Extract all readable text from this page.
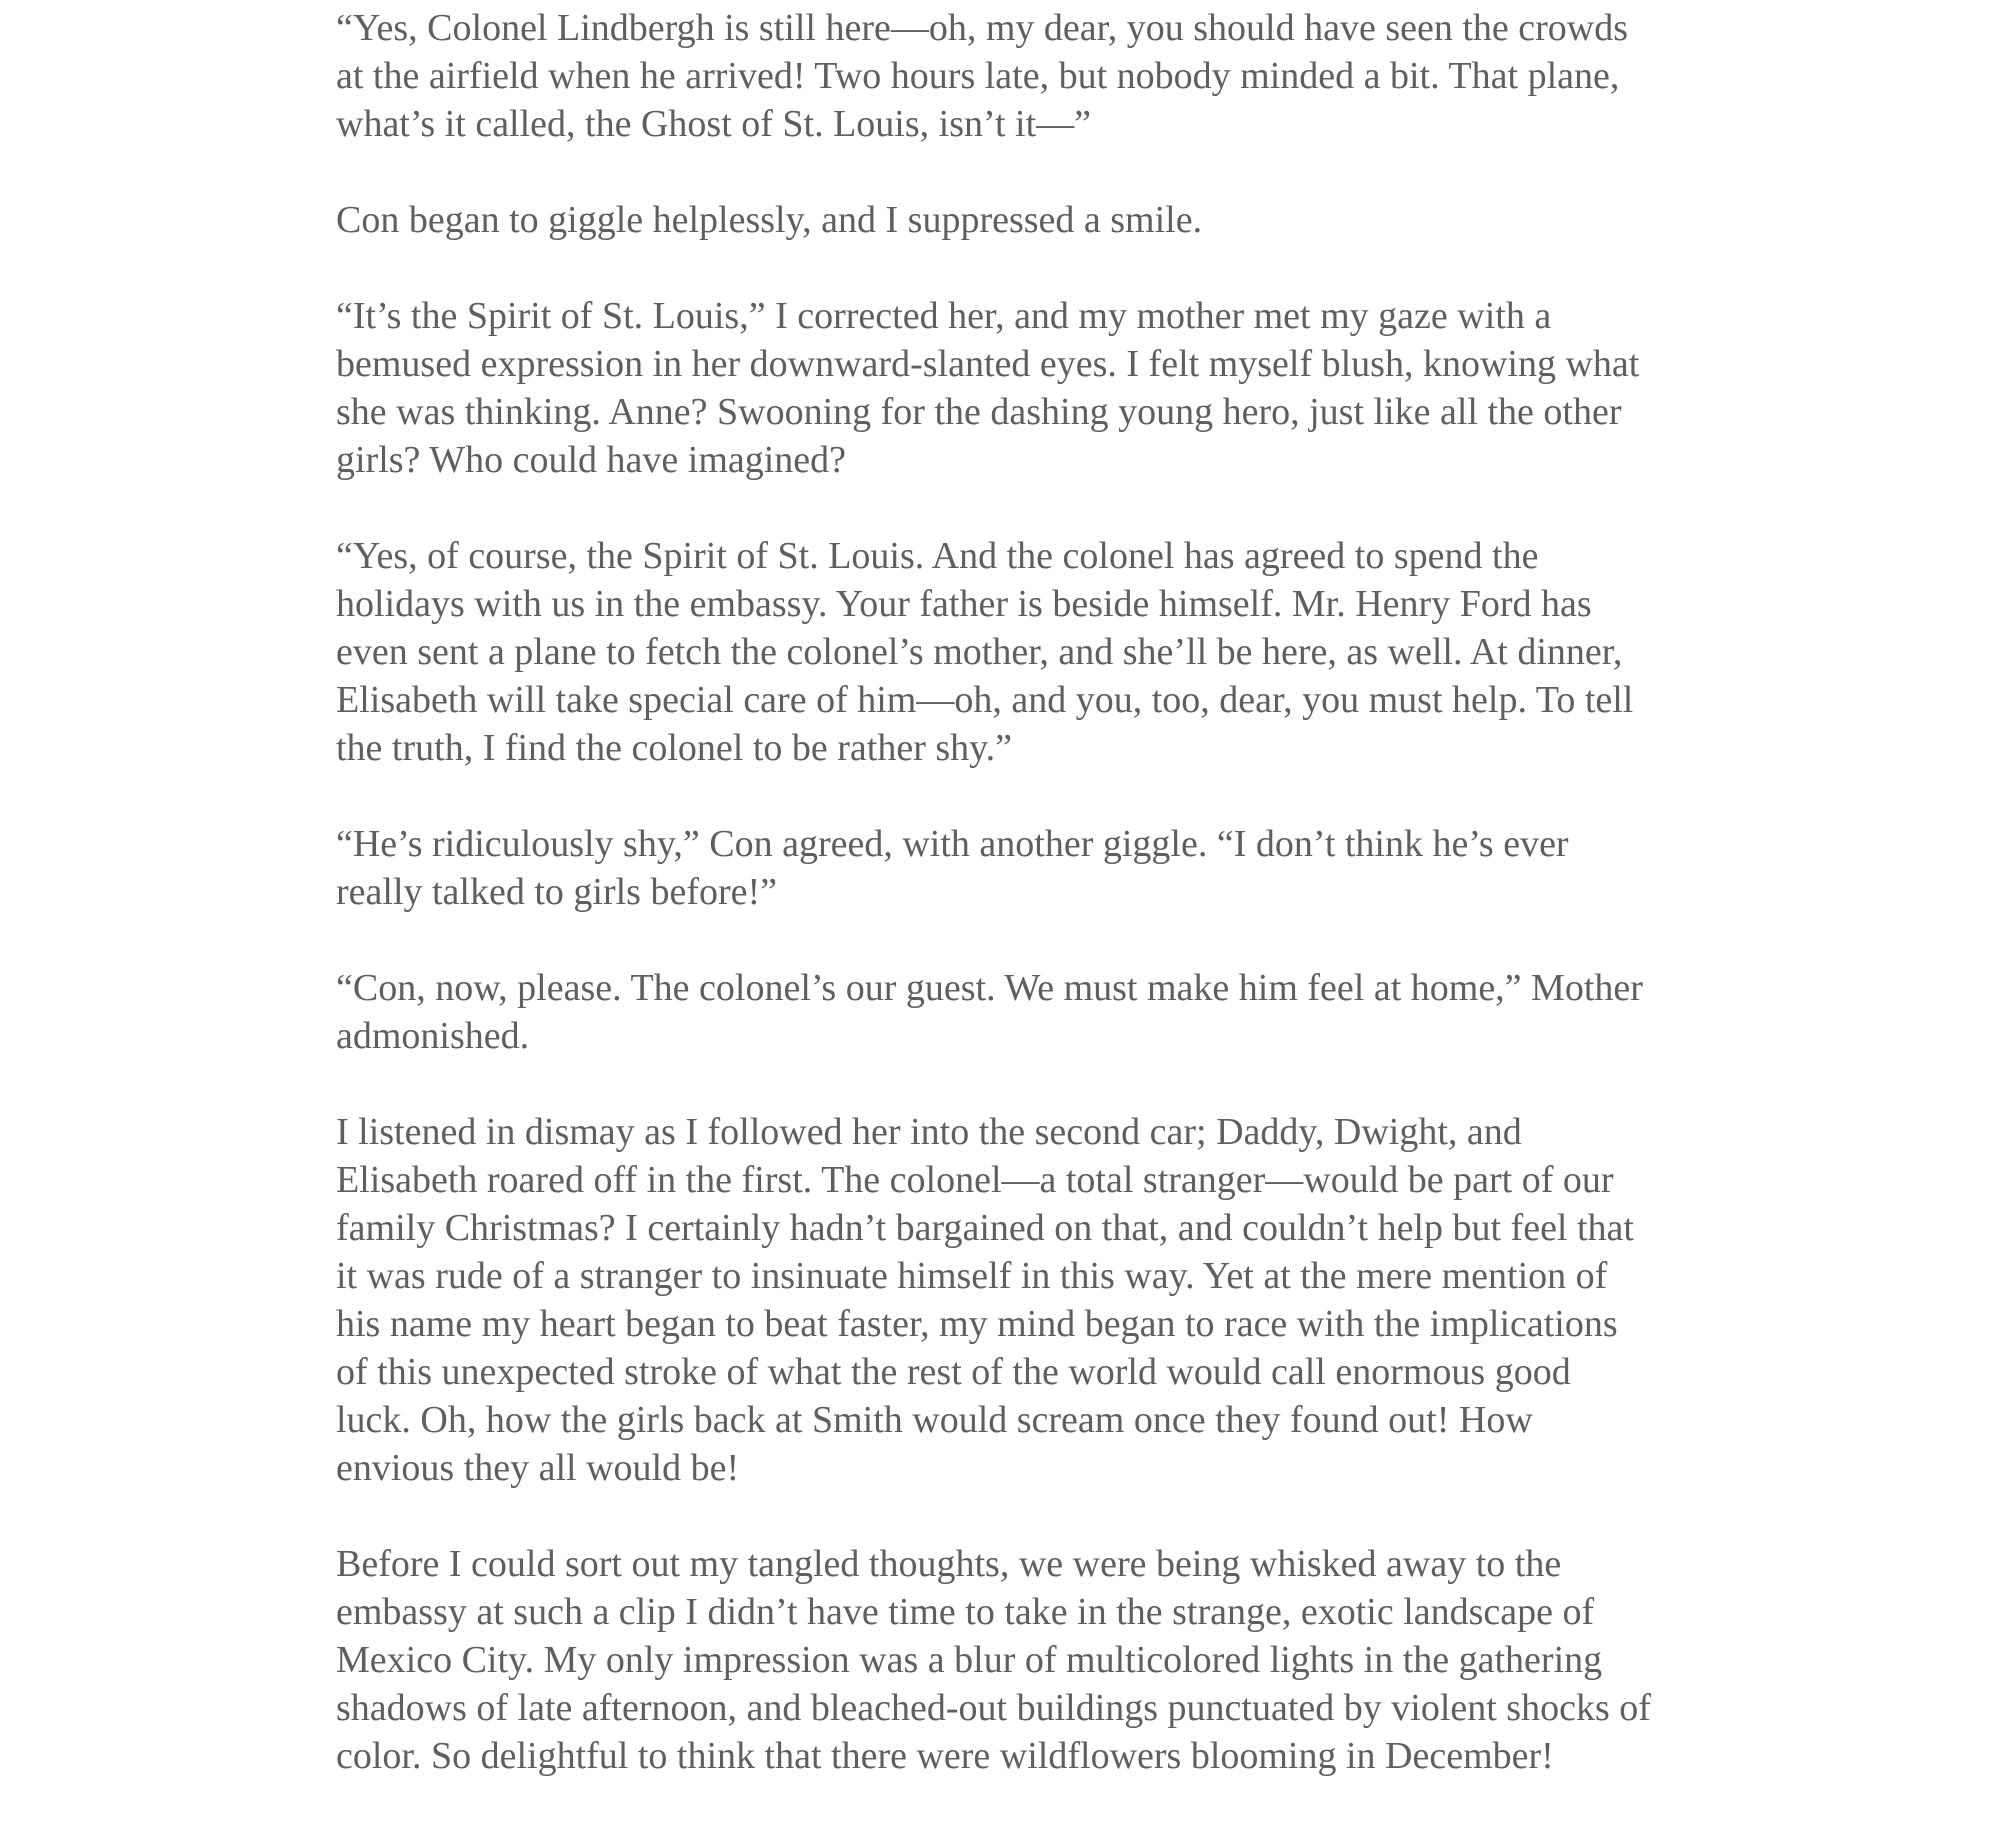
“Yes, Colonel Lindbergh is still here—oh, my dear, you should have seen the crowds
at the airfield when he arrived! Two hours late, but nobody minded a bit. That plane,
what’s it called, the Ghost of St. Louis, isn’t it—”

Con began to giggle helplessly, and I suppressed a smile.

“It’s the Spirit of St. Louis,” I corrected her, and my mother met my gaze with a
bemused expression in her downward-slanted eyes. I felt myself blush, knowing what
she was thinking. Anne? Swooning for the dashing young hero, just like all the other
girls? Who could have imagined?

“Yes, of course, the Spirit of St. Louis. And the colonel has agreed to spend the
holidays with us in the embassy. Your father is beside himself. Mr. Henry Ford has
even sent a plane to fetch the colonel’s mother, and she’ll be here, as well. At dinner,
Elisabeth will take special care of him—oh, and you, too, dear, you must help. To tell
the truth, I find the colonel to be rather shy.”

“He’s ridiculously shy,” Con agreed, with another giggle. “I don’t think he’s ever
really talked to girls before!”

“Con, now, please. The colonel’s our guest. We must make him feel at home,” Mother
admonished.

I listened in dismay as I followed her into the second car; Daddy, Dwight, and
Elisabeth roared off in the first. The colonel—a total stranger—would be part of our
family Christmas? I certainly hadn’t bargained on that, and couldn’t help but feel that
it was rude of a stranger to insinuate himself in this way. Yet at the mere mention of
his name my heart began to beat faster, my mind began to race with the implications
of this unexpected stroke of what the rest of the world would call enormous good
luck. Oh, how the girls back at Smith would scream once they found out! How
envious they all would be!

Before I could sort out my tangled thoughts, we were being whisked away to the
embassy at such a clip I didn’t have time to take in the strange, exotic landscape of
Mexico City. My only impression was a blur of multicolored lights in the gathering
shadows of late afternoon, and bleached-out buildings punctuated by violent shocks of
color. So delightful to think that there were wildflowers blooming in December!
